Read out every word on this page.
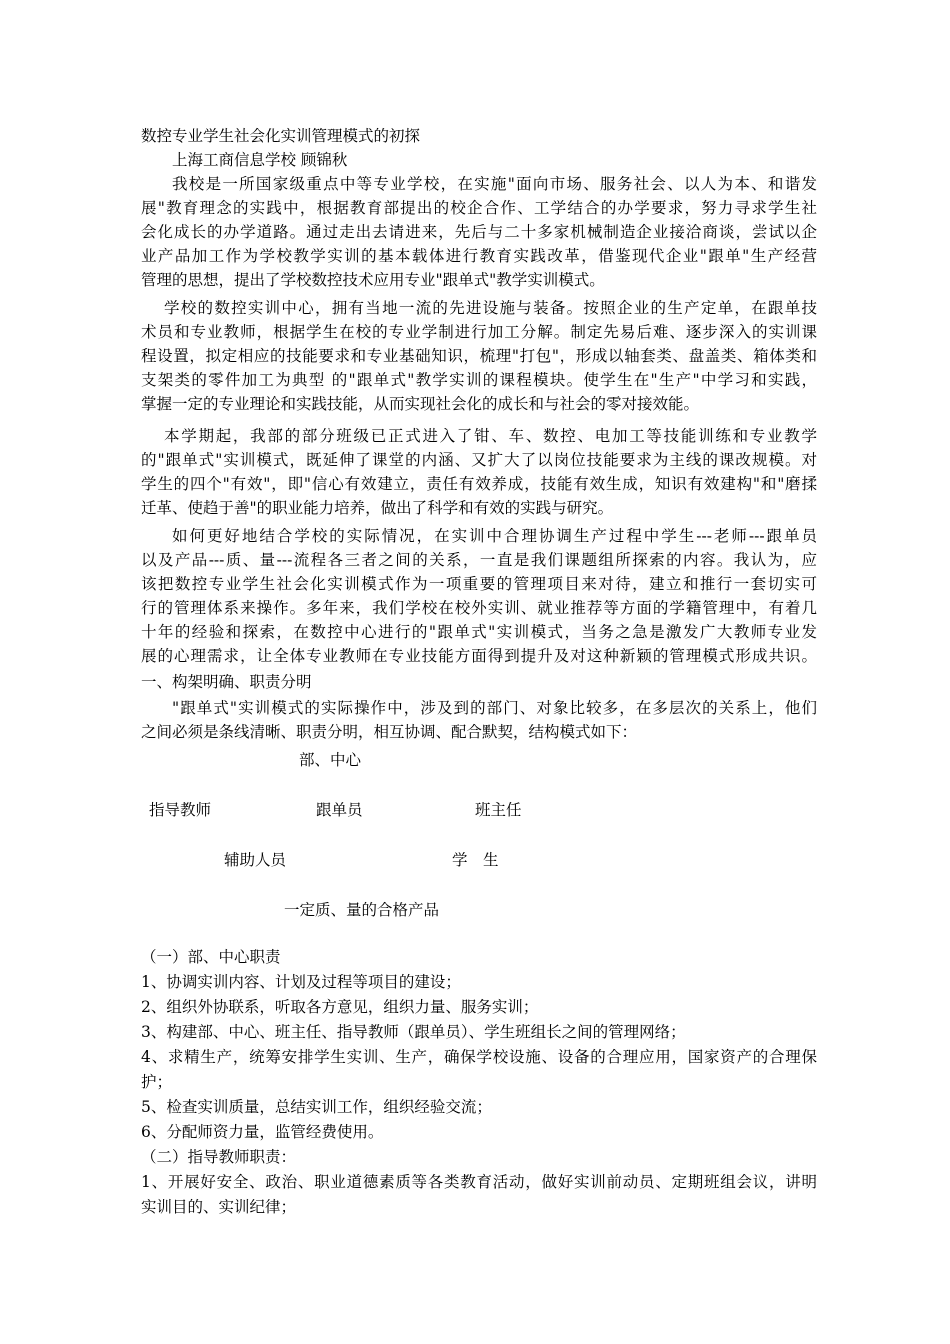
数控专业学生社会化实训管理模式的初探
上海工商信息学校 顾锦秋
我校是一所国家级重点中等专业学校，在实施"面向市场、服务社会、以人为本、和谐发
展"教育理念的实践中，根据教育部提出的校企合作、工学结合的办学要求，努力寻求学生社
会化成长的办学道路。通过走出去请进来，先后与二十多家机械制造企业接洽商谈，尝试以企
业产品加工作为学校教学实训的基本载体进行教育实践改革，借鉴现代企业"跟单"生产经营
管理的思想，提出了学校数控技术应用专业"跟单式"教学实训模式。
学校的数控实训中心，拥有当地一流的先进设施与装备。按照企业的生产定单，在跟单技
术员和专业教师，根据学生在校的专业学制进行加工分解。制定先易后难、逐步深入的实训课
程设置，拟定相应的技能要求和专业基础知识，梳理"打包"，形成以轴套类、盘盖类、箱体类和
支架类的零件加工为典型 的"跟单式"教学实训的课程模块。使学生在"生产"中学习和实践，
掌握一定的专业理论和实践技能，从而实现社会化的成长和与社会的零对接效能。
本学期起，我部的部分班级已正式进入了钳、车、数控、电加工等技能训练和专业教学
的"跟单式"实训模式，既延伸了课堂的内涵、又扩大了以岗位技能要求为主线的课改规模。对
学生的四个"有效"，即"信心有效建立，责任有效养成，技能有效生成，知识有效建构"和"磨揉
迁革、使趋于善"的职业能力培养，做出了科学和有效的实践与研究。
如何更好地结合学校的实际情况，在实训中合理协调生产过程中学生---老师---跟单员
以及产品---质、量---流程各三者之间的关系，一直是我们课题组所探索的内容。我认为，应
该把数控专业学生社会化实训模式作为一项重要的管理项目来对待，建立和推行一套切实可
行的管理体系来操作。多年来，我们学校在校外实训、就业推荐等方面的学籍管理中，有着几
十年的经验和探索，在数控中心进行的"跟单式"实训模式，当务之急是激发广大教师专业发
展的心理需求，让全体专业教师在专业技能方面得到提升及对这种新颖的管理模式形成共识。
一、构架明确、职责分明
"跟单式"实训模式的实际操作中，涉及到的部门、对象比较多，在多层次的关系上，他们
之间必须是条线清晰、职责分明，相互协调、配合默契，结构模式如下：
部、中心
指导教师	跟单员	班主任
辅助人员	学　生
一定质、量的合格产品
（一）部、中心职责
1、协调实训内容、计划及过程等项目的建设；
2、组织外协联系，听取各方意见，组织力量、服务实训；
3、构建部、中心、班主任、指导教师（跟单员）、学生班组长之间的管理网络；
4、求精生产，统筹安排学生实训、生产，确保学校设施、设备的合理应用，国家资产的合理保
护；
5、检查实训质量，总结实训工作，组织经验交流；
6、分配师资力量，监管经费使用。
（二）指导教师职责：
1、开展好安全、政治、职业道德素质等各类教育活动，做好实训前动员、定期班组会议，讲明
实训目的、实训纪律；
